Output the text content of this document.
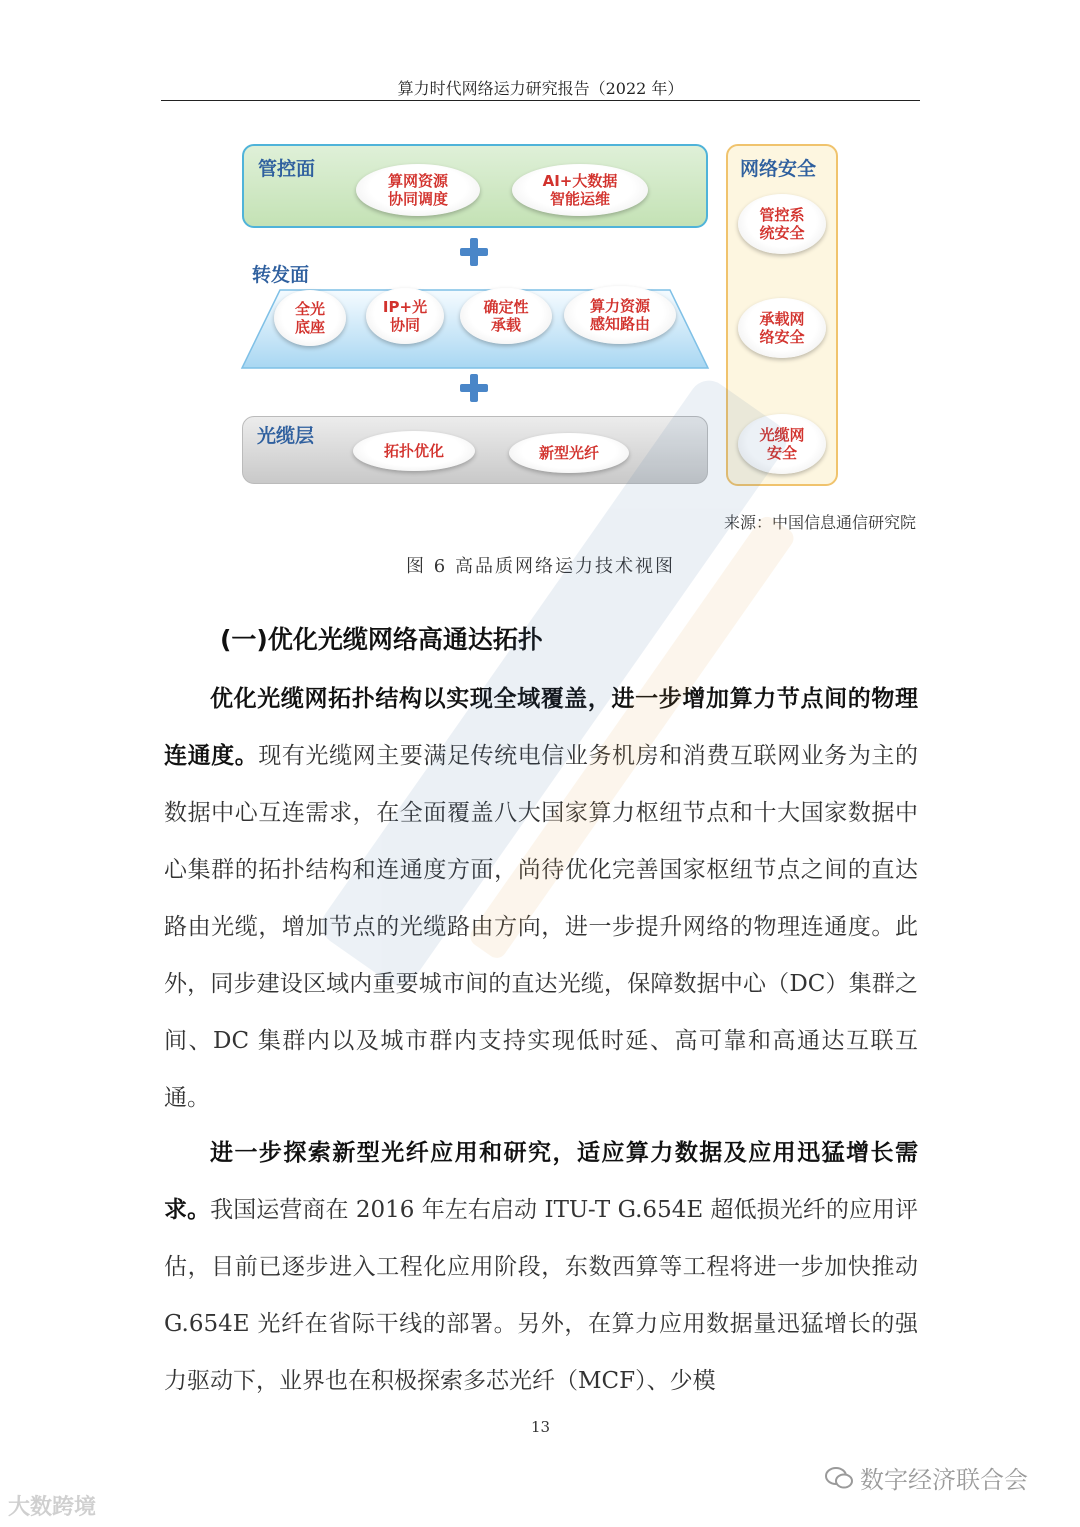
算力时代网络运力研究报告（2022 年）
管控面
算网资源
协同调度
AI+大数据
智能运维
转发面
全光
底座
IP+光
协同
确定性
承载
算力资源
感知路由
光缆层
拓扑优化	新型光纤
网络安全
管控系
统安全
承载网
络安全
光缆网
安全
来源：中国信息通信研究院
图 6 高品质网络运力技术视图
(一)优化光缆网络高通达拓扑
优化光缆网拓扑结构以实现全域覆盖，进一步增加算力节点间的物理连通度。现有光缆网主要满足传统电信业务机房和消费互联网业务为主的数据中心互连需求，在全面覆盖八大国家算力枢纽节点和十大国家数据中心集群的拓扑结构和连通度方面，尚待优化完善国家枢纽节点之间的直达路由光缆，增加节点的光缆路由方向，进一步提升网络的物理连通度。此外，同步建设区域内重要城市间的直达光缆，保障数据中心（DC）集群之间、DC 集群内以及城市群内支持实现低时延、高可靠和高通达互联互通。
进一步探索新型光纤应用和研究，适应算力数据及应用迅猛增长需求。我国运营商在 2016 年左右启动 ITU-T G.654E 超低损光纤的应用评估，目前已逐步进入工程化应用阶段，东数西算等工程将进一步加快推动 G.654E 光纤在省际干线的部署。另外，在算力应用数据量迅猛增长的强力驱动下，业界也在积极探索多芯光纤（MCF）、少模
13
大数跨境
数字经济联合会
